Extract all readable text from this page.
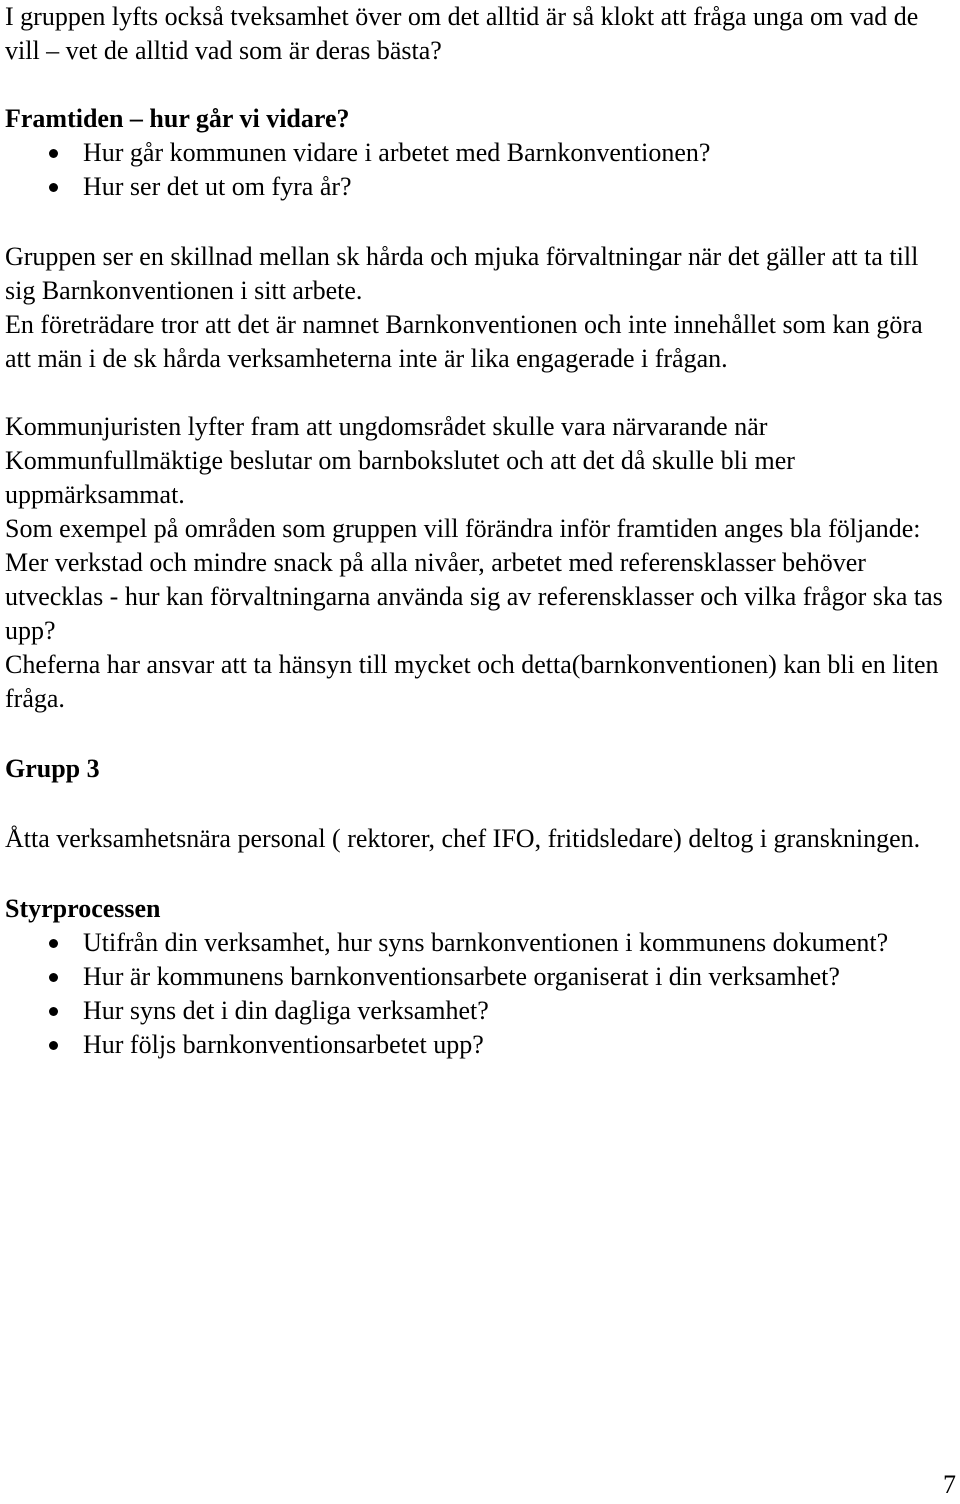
I gruppen lyfts också tveksamhet över om det alltid är så klokt att fråga unga om vad de vill – vet de alltid vad som är deras bästa?

Framtiden – hur går vi vidare?
Hur går kommunen vidare i arbetet med Barnkonventionen?
Hur ser det ut om fyra år?

Gruppen ser en skillnad mellan sk hårda och mjuka förvaltningar när det gäller att ta till sig Barnkonventionen i sitt arbete.

En företrädare tror att det är namnet Barnkonventionen och inte innehållet som kan göra att män i de sk hårda verksamheterna inte är lika engagerade i frågan.

Kommunjuristen lyfter fram att ungdomsrådet skulle vara närvarande när Kommunfullmäktige beslutar om barnbokslutet och att det då skulle bli mer uppmärksammat.

Som exempel på områden som gruppen vill förändra inför framtiden anges bla följande:

Mer verkstad och mindre snack på alla nivåer, arbetet med referensklasser behöver utvecklas - hur kan förvaltningarna använda sig av referensklasser och vilka frågor ska tas upp?

Cheferna har ansvar att ta hänsyn till mycket och detta(barnkonventionen) kan bli en liten fråga.

Grupp 3

Åtta verksamhetsnära personal ( rektorer, chef IFO, fritidsledare) deltog i granskningen.

Styrprocessen
Utifrån din verksamhet, hur syns barnkonventionen i kommunens dokument?
Hur är kommunens barnkonventionsarbete organiserat i din verksamhet?
Hur syns det i din dagliga verksamhet?
Hur följs barnkonventionsarbetet upp?
7
